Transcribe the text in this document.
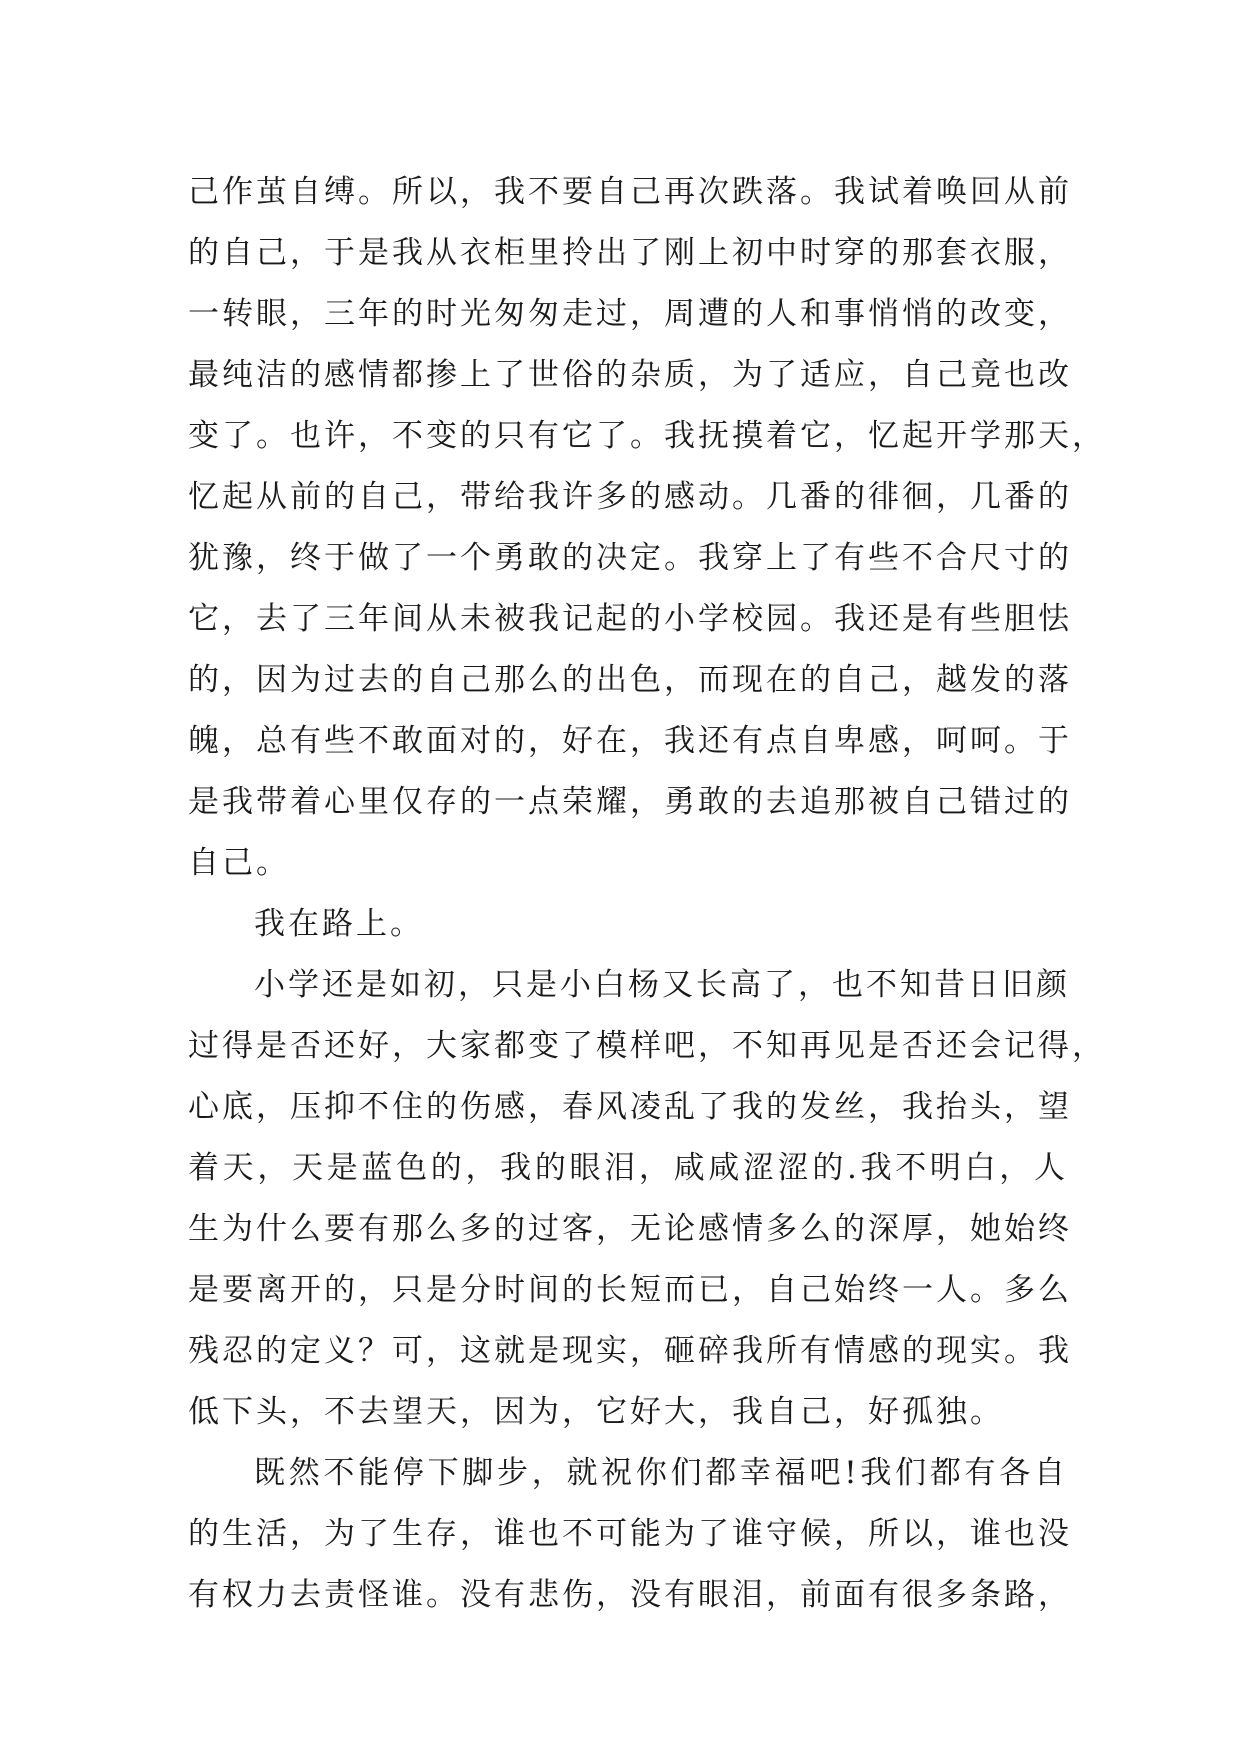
己作茧自缚。所以，我不要自己再次跌落。我试着唤回从前
的自己，于是我从衣柜里拎出了刚上初中时穿的那套衣服，
一转眼，三年的时光匆匆走过，周遭的人和事悄悄的改变，
最纯洁的感情都掺上了世俗的杂质，为了适应，自己竟也改
变了。也许，不变的只有它了。我抚摸着它，忆起开学那天，
忆起从前的自己，带给我许多的感动。几番的徘徊，几番的
犹豫，终于做了一个勇敢的决定。我穿上了有些不合尺寸的
它，去了三年间从未被我记起的小学校园。我还是有些胆怯
的，因为过去的自己那么的出色，而现在的自己，越发的落
魄，总有些不敢面对的，好在，我还有点自卑感，呵呵。于
是我带着心里仅存的一点荣耀，勇敢的去追那被自己错过的
自己。
我在路上。
小学还是如初，只是小白杨又长高了，也不知昔日旧颜
过得是否还好，大家都变了模样吧，不知再见是否还会记得，
心底，压抑不住的伤感，春风凌乱了我的发丝，我抬头，望
着天，天是蓝色的，我的眼泪，咸咸涩涩的.我不明白，人
生为什么要有那么多的过客，无论感情多么的深厚，她始终
是要离开的，只是分时间的长短而已，自己始终一人。多么
残忍的定义？可，这就是现实，砸碎我所有情感的现实。我
低下头，不去望天，因为，它好大，我自己，好孤独。
既然不能停下脚步，就祝你们都幸福吧!我们都有各自
的生活，为了生存，谁也不可能为了谁守候，所以，谁也没
有权力去责怪谁。没有悲伤，没有眼泪，前面有很多条路，
